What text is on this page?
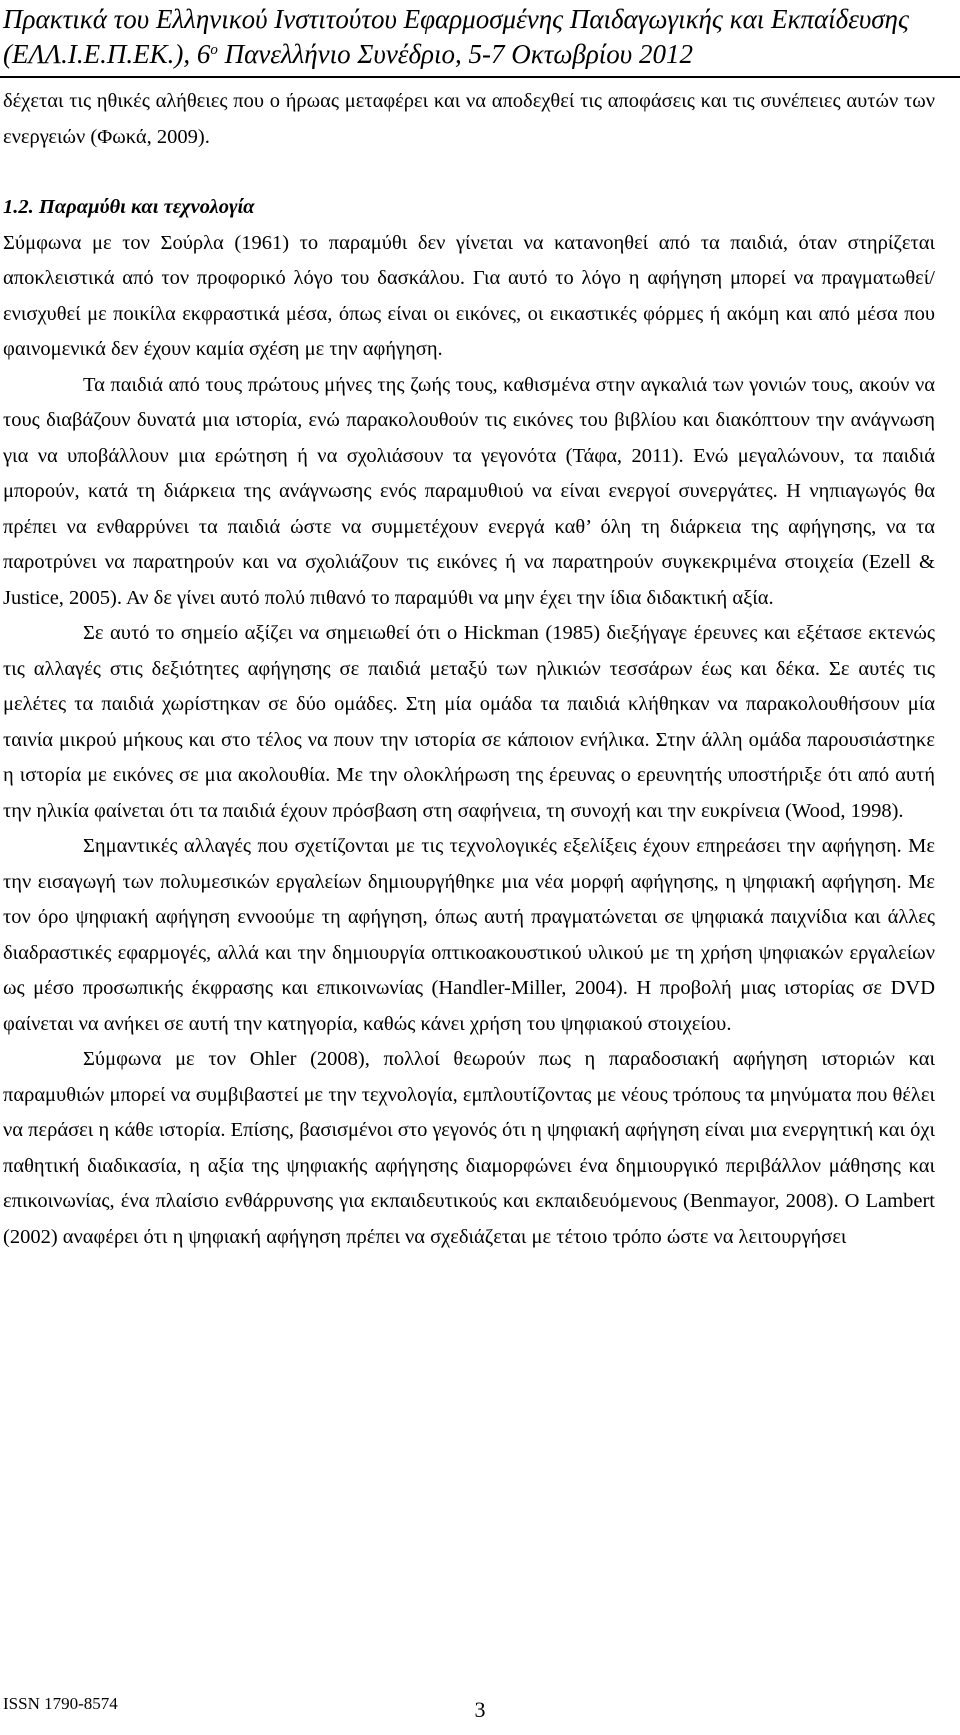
Πρακτικά του Ελληνικού Ινστιτούτου Εφαρμοσμένης Παιδαγωγικής και Εκπαίδευσης
(ΕΛΛ.Ι.Ε.Π.ΕΚ.), $6^o$ Πανελλήνιο Συνέδριο, 5-7 Οκτωβρίου 2012

δέχεται τις ηθικές αλήθειες που ο ήρωας μεταφέρει και να αποδεχθεί τις αποφάσεις και τις συνέπειες αυτών των ενεργειών (Φωκά, 2009).

1.2. Παραμύθι και τεχνολογία

Σύμφωνα με τον Σούρλα (1961) το παραμύθι δεν γίνεται να κατανοηθεί από τα παιδιά, όταν στηρίζεται αποκλειστικά από τον προφορικό λόγο του δασκάλου. Για αυτό το λόγο η αφήγηση μπορεί να πραγματωθεί/ ενισχυθεί με ποικίλα εκφραστικά μέσα, όπως είναι οι εικόνες, οι εικαστικές φόρμες ή ακόμη και από μέσα που φαινομενικά δεν έχουν καμία σχέση με την αφήγηση.

Τα παιδιά από τους πρώτους μήνες της ζωής τους, καθισμένα στην αγκαλιά των γονιών τους, ακούν να τους διαβάζουν δυνατά μια ιστορία, ενώ παρακολουθούν τις εικόνες του βιβλίου και διακόπτουν την ανάγνωση για να υποβάλλουν μια ερώτηση ή να σχολιάσουν τα γεγονότα (Τάφα, 2011). Ενώ μεγαλώνουν, τα παιδιά μπορούν, κατά τη διάρκεια της ανάγνωσης ενός παραμυθιού να είναι ενεργοί συνεργάτες. Η νηπιαγωγός θα πρέπει να ενθαρρύνει τα παιδιά ώστε να συμμετέχουν ενεργά καθ’ όλη τη διάρκεια της αφήγησης, να τα παροτρύνει να παρατηρούν και να σχολιάζουν τις εικόνες ή να παρατηρούν συγκεκριμένα στοιχεία (Ezell & Justice, 2005). Αν δε γίνει αυτό πολύ πιθανό το παραμύθι να μην έχει την ίδια διδακτική αξία.

Σε αυτό το σημείο αξίζει να σημειωθεί ότι ο Hickman (1985) διεξήγαγε έρευνες και εξέτασε εκτενώς τις αλλαγές στις δεξιότητες αφήγησης σε παιδιά μεταξύ των ηλικιών τεσσάρων έως και δέκα. Σε αυτές τις μελέτες τα παιδιά χωρίστηκαν σε δύο ομάδες. Στη μία ομάδα τα παιδιά κλήθηκαν να παρακολουθήσουν μία ταινία μικρού μήκους και στο τέλος να πουν την ιστορία σε κάποιον ενήλικα. Στην άλλη ομάδα παρουσιάστηκε η ιστορία με εικόνες σε μια ακολουθία. Με την ολοκλήρωση της έρευνας ο ερευνητής υποστήριξε ότι από αυτή την ηλικία φαίνεται ότι τα παιδιά έχουν πρόσβαση στη σαφήνεια, τη συνοχή και την ευκρίνεια (Wood, 1998).

Σημαντικές αλλαγές που σχετίζονται με τις τεχνολογικές εξελίξεις έχουν επηρεάσει την αφήγηση. Με την εισαγωγή των πολυμεσικών εργαλείων δημιουργήθηκε μια νέα μορφή αφήγησης, η ψηφιακή αφήγηση. Με τον όρο ψηφιακή αφήγηση εννοούμε τη αφήγηση, όπως αυτή πραγματώνεται σε ψηφιακά παιχνίδια και άλλες διαδραστικές εφαρμογές, αλλά και την δημιουργία οπτικοακουστικού υλικού με τη χρήση ψηφιακών εργαλείων ως μέσο προσωπικής έκφρασης και επικοινωνίας (Handler-Miller, 2004). Η προβολή μιας ιστορίας σε DVD φαίνεται να ανήκει σε αυτή την κατηγορία, καθώς κάνει χρήση του ψηφιακού στοιχείου.

Σύμφωνα με τον Ohler (2008), πολλοί θεωρούν πως η παραδοσιακή αφήγηση ιστοριών και παραμυθιών μπορεί να συμβιβαστεί με την τεχνολογία, εμπλουτίζοντας με νέους τρόπους τα μηνύματα που θέλει να περάσει η κάθε ιστορία. Επίσης, βασισμένοι στο γεγονός ότι η ψηφιακή αφήγηση είναι μια ενεργητική και όχι παθητική διαδικασία, η αξία της ψηφιακής αφήγησης διαμορφώνει ένα δημιουργικό περιβάλλον μάθησης και επικοινωνίας, ένα πλαίσιο ενθάρρυνσης για εκπαιδευτικούς και εκπαιδευόμενους (Benmayor, 2008). Ο Lambert (2002) αναφέρει ότι η ψηφιακή αφήγηση πρέπει να σχεδιάζεται με τέτοιο τρόπο ώστε να λειτουργήσει

ISSN 1790-8574	3
